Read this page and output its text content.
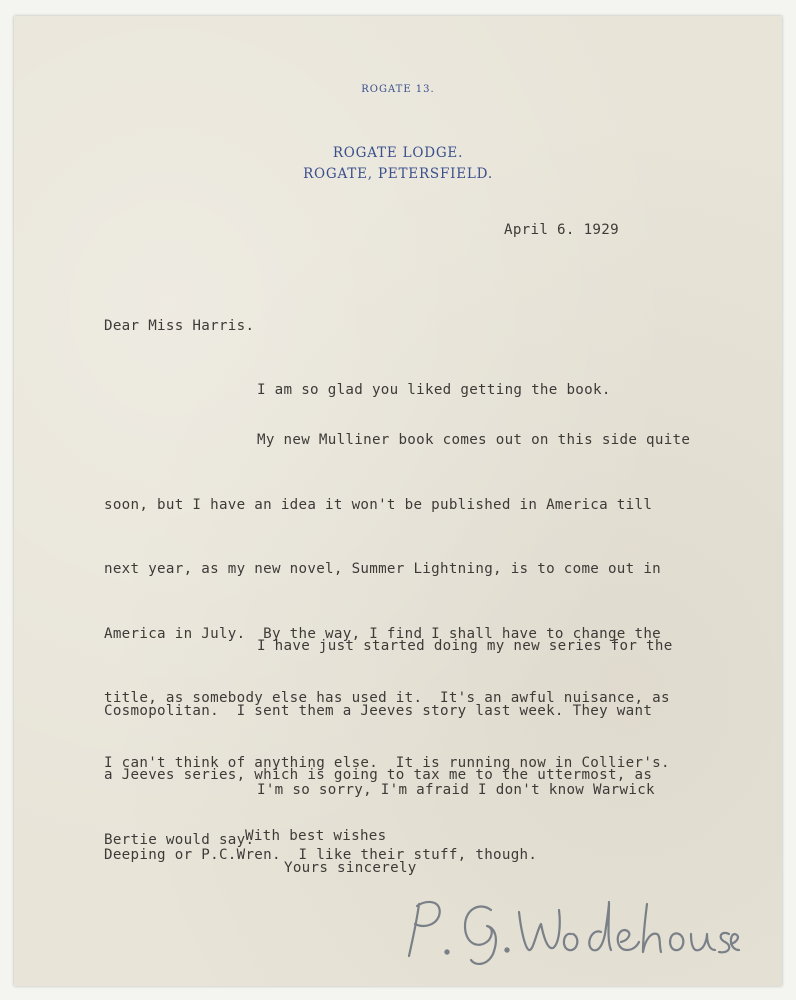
ROGATE 13.
ROGATE LODGE.
ROGATE, PETERSFIELD.
April 6. 1929
Dear Miss Harris.

I am so glad you liked getting the book.

My new Mulliner book comes out on this side quite

soon, but I have an idea it won't be published in America till

next year, as my new novel, Summer Lightning, is to come out in

America in July.  By the way, I find I shall have to change the

title, as somebody else has used it.  It's an awful nuisance, as

I can't think of anything else.  It is running now in Collier's.

I have just started doing my new series for the

Cosmopolitan.  I sent them a Jeeves story last week. They want

a Jeeves series, which is going to tax me to the uttermost, as

Bertie would say.

I'm so sorry, I'm afraid I don't know Warwick

Deeping or P.C.Wren.  I like their stuff, though.

With best wishes
Yours sincerely
